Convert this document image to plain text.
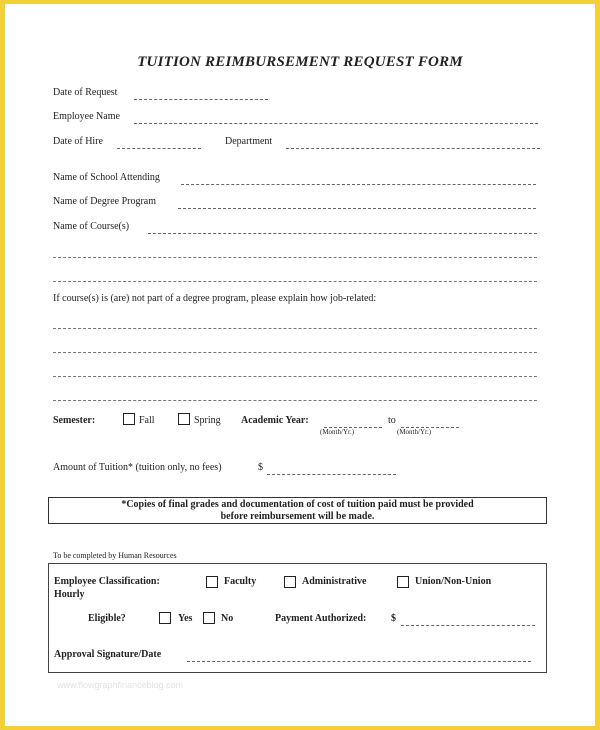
TUITION REIMBURSEMENT REQUEST FORM
Date of Request
Employee Name
Date of Hire	Department
Name of School Attending
Name of Degree Program
Name of Course(s)
If course(s) is (are) not part of a degree program, please explain how job-related:
Semester:	Fall	Spring Academic Year:	to
(Month/Yr.)	(Month/Yr.)
Amount of Tuition* (tuition only, no fees)	$
*Copies of final grades and documentation of cost of tuition paid must be provided
before reimbursement will be made.
To be completed by Human Resources
Employee Classification:	Faculty	Administrative	Union/Non-Union
Hourly
Eligible?	Yes	No	Payment Authorized: $
Approval Signature/Date
www.flowgraphfinanceblog.com
